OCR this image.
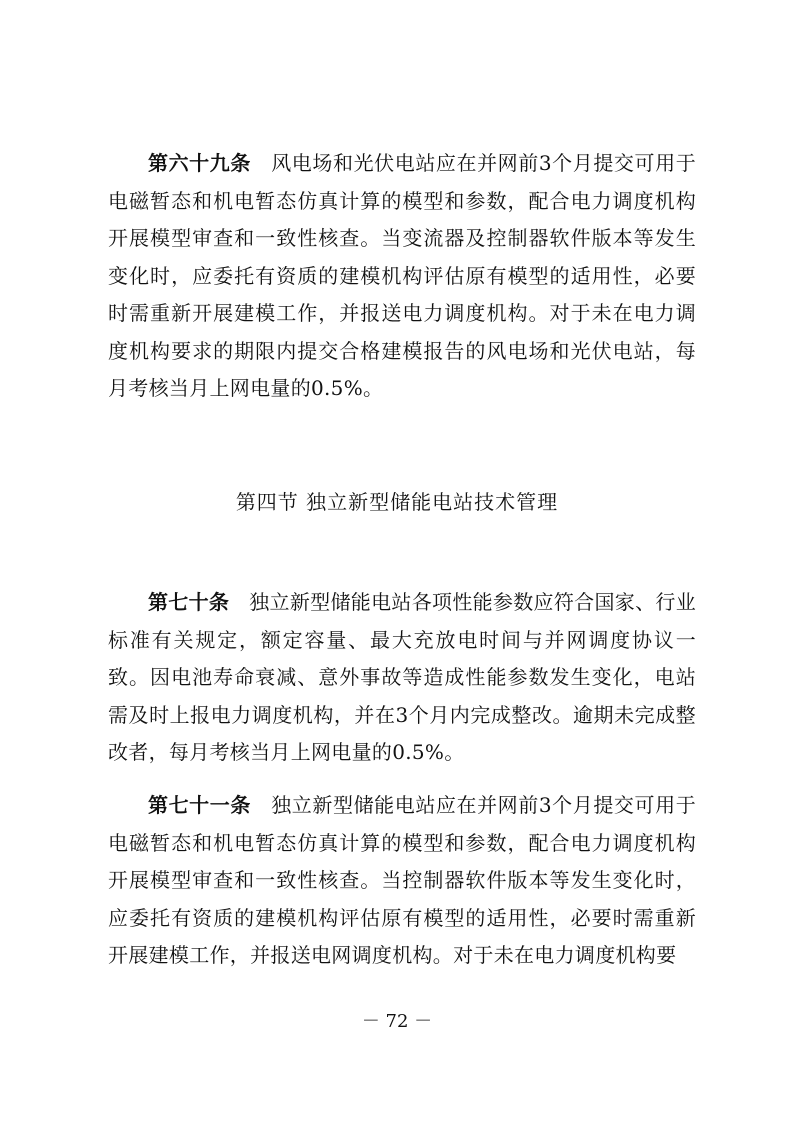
第六十九条 风电场和光伏电站应在并网前3个月提交可用于电磁暂态和机电暂态仿真计算的模型和参数，配合电力调度机构开展模型审查和一致性核查。当变流器及控制器软件版本等发生变化时，应委托有资质的建模机构评估原有模型的适用性，必要时需重新开展建模工作，并报送电力调度机构。对于未在电力调度机构要求的期限内提交合格建模报告的风电场和光伏电站，每月考核当月上网电量的0.5%。

第四节 独立新型储能电站技术管理

第七十条 独立新型储能电站各项性能参数应符合国家、行业标准有关规定，额定容量、最大充放电时间与并网调度协议一致。因电池寿命衰减、意外事故等造成性能参数发生变化，电站需及时上报电力调度机构，并在3个月内完成整改。逾期未完成整改者，每月考核当月上网电量的0.5%。

第七十一条 独立新型储能电站应在并网前3个月提交可用于电磁暂态和机电暂态仿真计算的模型和参数，配合电力调度机构开展模型审查和一致性核查。当控制器软件版本等发生变化时，应委托有资质的建模机构评估原有模型的适用性，必要时需重新开展建模工作，并报送电网调度机构。对于未在电力调度机构要

－ 72 －
